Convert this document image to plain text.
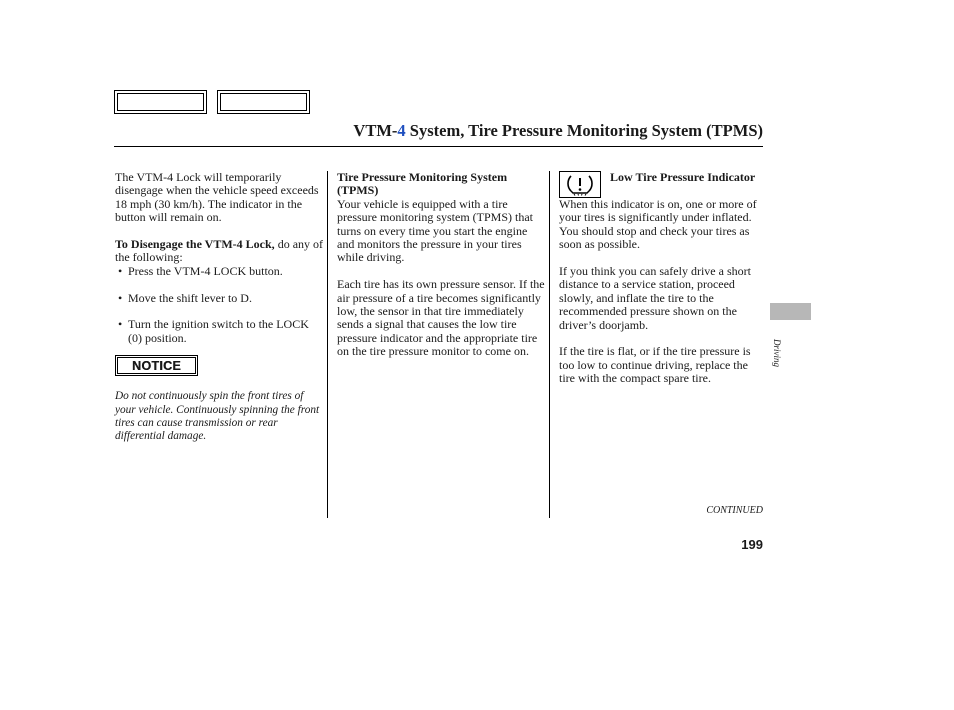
VTM-4 System, Tire Pressure Monitoring System (TPMS)

The VTM-4 Lock will temporarily disengage when the vehicle speed exceeds 18 mph (30 km/h). The indicator in the button will remain on.

To Disengage the VTM-4 Lock, do any of the following:

• Press the VTM-4 LOCK button.
• Move the shift lever to D.
• Turn the ignition switch to the LOCK (0) position.
NOTICE

Do not continuously spin the front tires of your vehicle. Continuously spinning the front tires can cause transmission or rear differential damage.

Tire Pressure Monitoring System (TPMS)

Your vehicle is equipped with a tire pressure monitoring system (TPMS) that turns on every time you start the engine and monitors the pressure in your tires while driving.

Each tire has its own pressure sensor. If the air pressure of a tire becomes significantly low, the sensor in that tire immediately sends a signal that causes the low tire pressure indicator and the appropriate tire on the tire pressure monitor to come on.

Low Tire Pressure Indicator

When this indicator is on, one or more of your tires is significantly under inflated. You should stop and check your tires as soon as possible.

If you think you can safely drive a short distance to a service station, proceed slowly, and inflate the tire to the recommended pressure shown on the driver’s doorjamb.

If the tire is flat, or if the tire pressure is too low to continue driving, replace the tire with the compact spare tire.

Driving
CONTINUED
199
